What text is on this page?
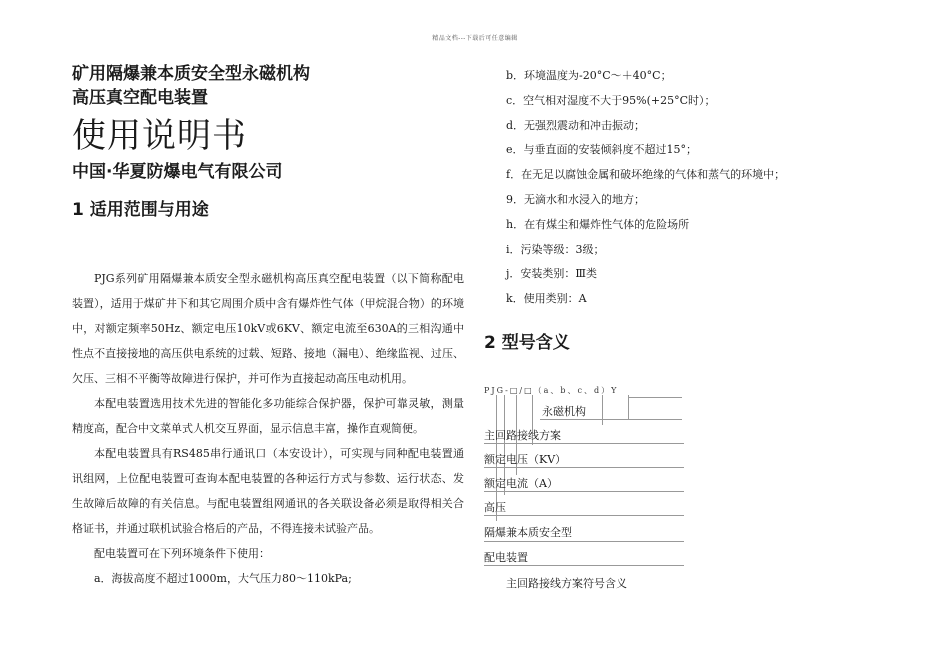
精品文档---下载后可任意编辑
矿用隔爆兼本质安全型永磁机构
高压真空配电装置
使用说明书
中国·华夏防爆电气有限公司
1 适用范围与用途

PJG系列矿用隔爆兼本质安全型永磁机构高压真空配电装置（以下简称配电装置），适用于煤矿井下和其它周围介质中含有爆炸性气体（甲烷混合物）的环境中，对额定频率50Hz、额定电压10kV或6KV、额定电流至630A的三相沟通中性点不直接接地的高压供电系统的过载、短路、接地（漏电）、绝缘监视、过压、欠压、三相不平衡等故障进行保护，并可作为直接起动高压电动机用。

本配电装置选用技术先进的智能化多功能综合保护器，保护可靠灵敏，测量精度高，配合中文菜单式人机交互界面，显示信息丰富，操作直观简便。

本配电装置具有RS485串行通讯口（本安设计），可实现与同种配电装置通讯组网，上位配电装置可查询本配电装置的各种运行方式与参数、运行状态、发生故障后故障的有关信息。与配电装置组网通讯的各关联设备必须是取得相关合格证书，并通过联机试验合格后的产品，不得连接未试验产品。

配电装置可在下列环境条件下使用：

a．海拔高度不超过1000m，大气压力80～110kPa;
b．环境温度为-20°C～＋40°C；
c．空气相对湿度不大于95%(+25°C时）；
d．无强烈震动和冲击振动；
e．与垂直面的安装倾斜度不超过15°；
f．在无足以腐蚀金属和破坏绝缘的气体和蒸气的环境中；
9．无滴水和水浸入的地方；
h．在有煤尘和爆炸性气体的危险场所
i．污染等级：3级；
j．安装类别：Ⅲ类
k．使用类别：A
2 型号含义
PJG-□/□（a、b、c、d）Y
永磁机构
主回路接线方案
额定电压（KV）
额定电流（A）
高压
隔爆兼本质安全型
配电装置
主回路接线方案符号含义
